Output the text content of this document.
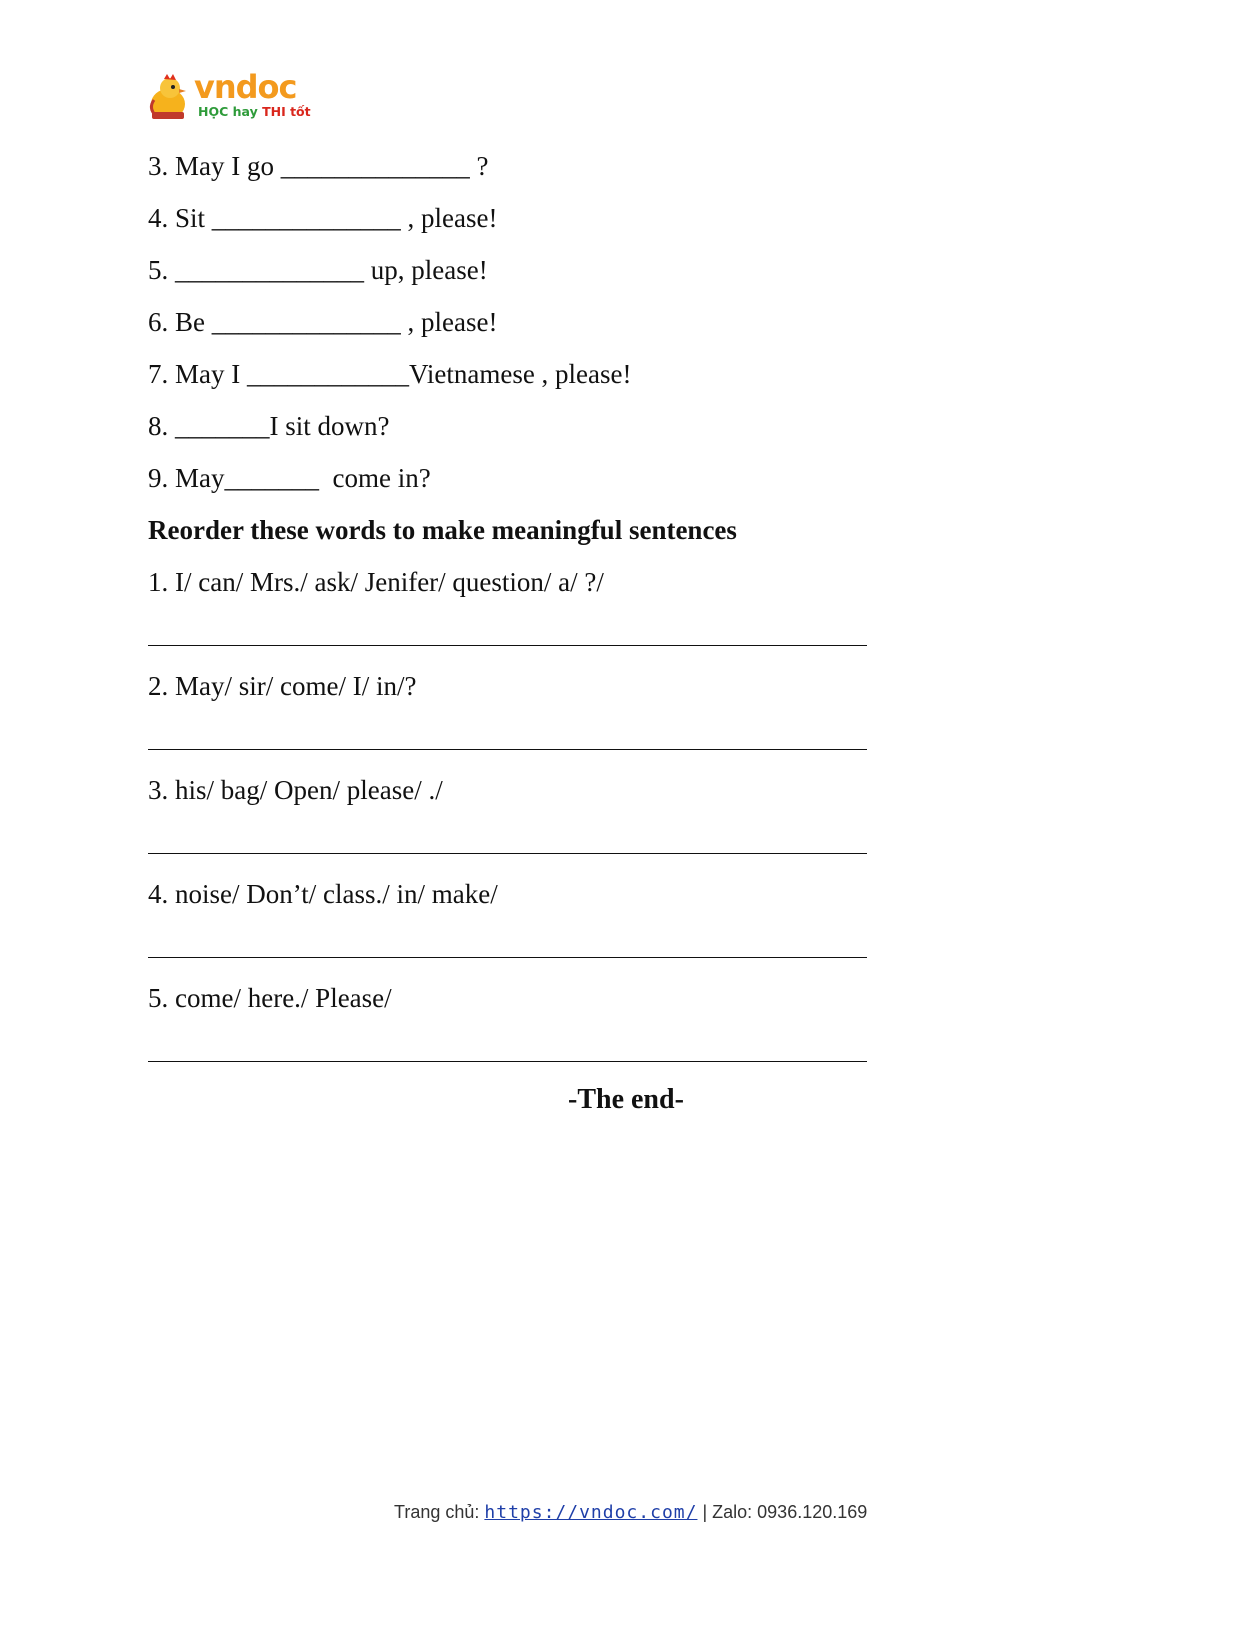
vndoc
HỌC hay THI tốt
3. May I go ______________ ?
4. Sit ______________ , please!
5. ______________ up, please!
6. Be ______________ , please!
7. May I ____________Vietnamese , please!
8. _______I sit down?
9. May_______  come in?
Reorder these words to make meaningful sentences
1. I/ can/ Mrs./ ask/ Jenifer/ question/ a/ ?/
2. May/ sir/ come/ I/ in/?
3. his/ bag/ Open/ please/ ./
4. noise/ Don’t/ class./ in/ make/
5. come/ here./ Please/
-The end-
Trang chủ: https://vndoc.com/ | Zalo: 0936.120.169
